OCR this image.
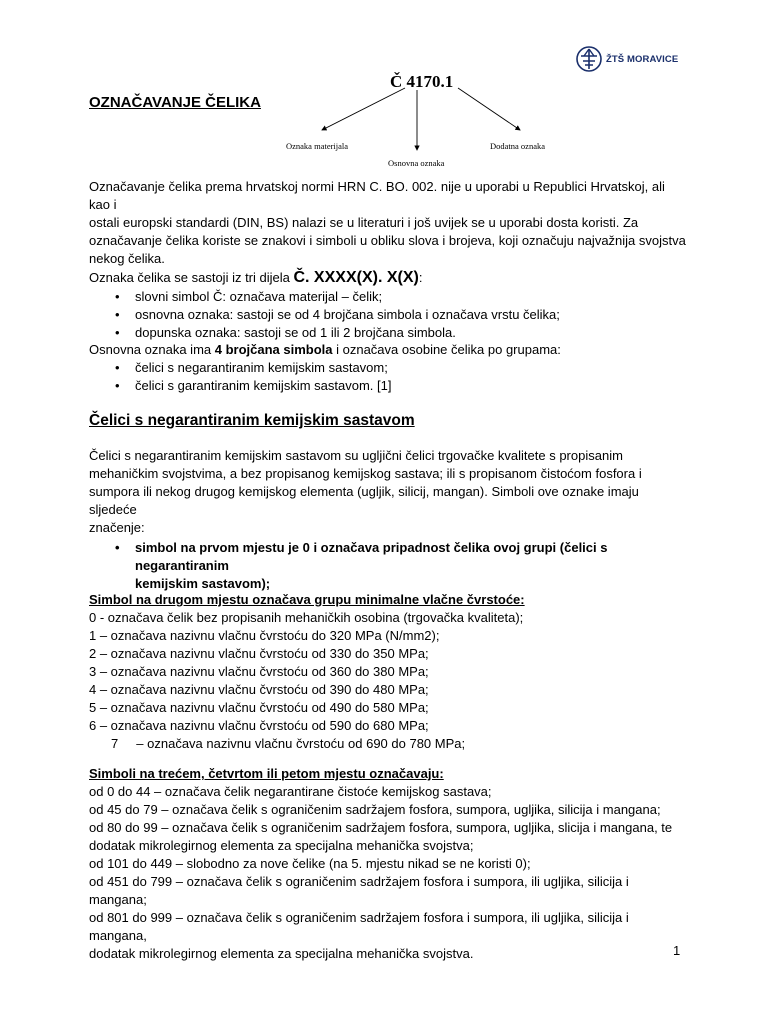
ŽTŠ MORAVICE
Č 4170.1
Oznaka materijala
Osnovna oznaka
Dodatna oznaka
OZNAČAVANJE ČELIKA

Označavanje čelika prema hrvatskoj normi HRN C. BO. 002. nije u uporabi u Republici Hrvatskoj, ali kao i

ostali europski standardi (DIN, BS) nalazi se u literaturi i još uvijek se u uporabi dosta koristi. Za

označavanje čelika koriste se znakovi i simboli u obliku slova i brojeva, koji označuju najvažnija svojstva

nekog čelika.

Oznaka čelika se sastoji iz tri dijela Č. XXXX(X). X(X):

• slovni simbol Č: označava materijal – čelik;
• osnovna oznaka: sastoji se od 4 brojčana simbola i označava vrstu čelika;
• dopunska oznaka: sastoji se od 1 ili 2 brojčana simbola.

Osnovna oznaka ima 4 brojčana simbola i označava osobine čelika po grupama:

• čelici s negarantiranim kemijskim sastavom;
• čelici s garantiranim kemijskim sastavom. [1]
Čelici s negarantiranim kemijskim sastavom

Čelici s negarantiranim kemijskim sastavom su ugljični čelici trgovačke kvalitete s propisanim

mehaničkim svojstvima, a bez propisanog kemijskog sastava; ili s propisanom čistoćom fosfora i

sumpora ili nekog drugog kemijskog elementa (ugljik, silicij, mangan). Simboli ove oznake imaju sljedeće

značenje:

• simbol na prvom mjestu je 0 i označava pripadnost čelika ovoj grupi (čelici s negarantiranim
kemijskim sastavom);

Simbol na drugom mjestu označava grupu minimalne vlačne čvrstoće:

0 - označava čelik bez propisanih mehaničkih osobina (trgovačka kvaliteta);

1 – označava nazivnu vlačnu čvrstoću do 320 MPa (N/mm2);

2 – označava nazivnu vlačnu čvrstoću od 330 do 350 MPa;

3 – označava nazivnu vlačnu čvrstoću od 360 do 380 MPa;

4 – označava nazivnu vlačnu čvrstoću od 390 do 480 MPa;

5 – označava nazivnu vlačnu čvrstoću od 490 do 580 MPa;

6 – označava nazivnu vlačnu čvrstoću od 590 do 680 MPa;

7     – označava nazivnu vlačnu čvrstoću od 690 do 780 MPa;

Simboli na trećem, četvrtom ili petom mjestu označavaju:

od 0 do 44 – označava čelik negarantirane čistoće kemijskog sastava;

od 45 do 79 – označava čelik s ograničenim sadržajem fosfora, sumpora, ugljika, silicija i mangana;

od 80 do 99 – označava čelik s ograničenim sadržajem fosfora, sumpora, ugljika, slicija i mangana, te

dodatak mikrolegirnog elementa za specijalna mehanička svojstva;

od 101 do 449 – slobodno za nove čelike (na 5. mjestu nikad se ne koristi 0);

od 451 do 799 – označava čelik s ograničenim sadržajem fosfora i sumpora, ili ugljika, silicija i mangana;

od 801 do 999 – označava čelik s ograničenim sadržajem fosfora i sumpora, ili ugljika, silicija i mangana,

dodatak mikrolegirnog elementa za specijalna mehanička svojstva.	1
